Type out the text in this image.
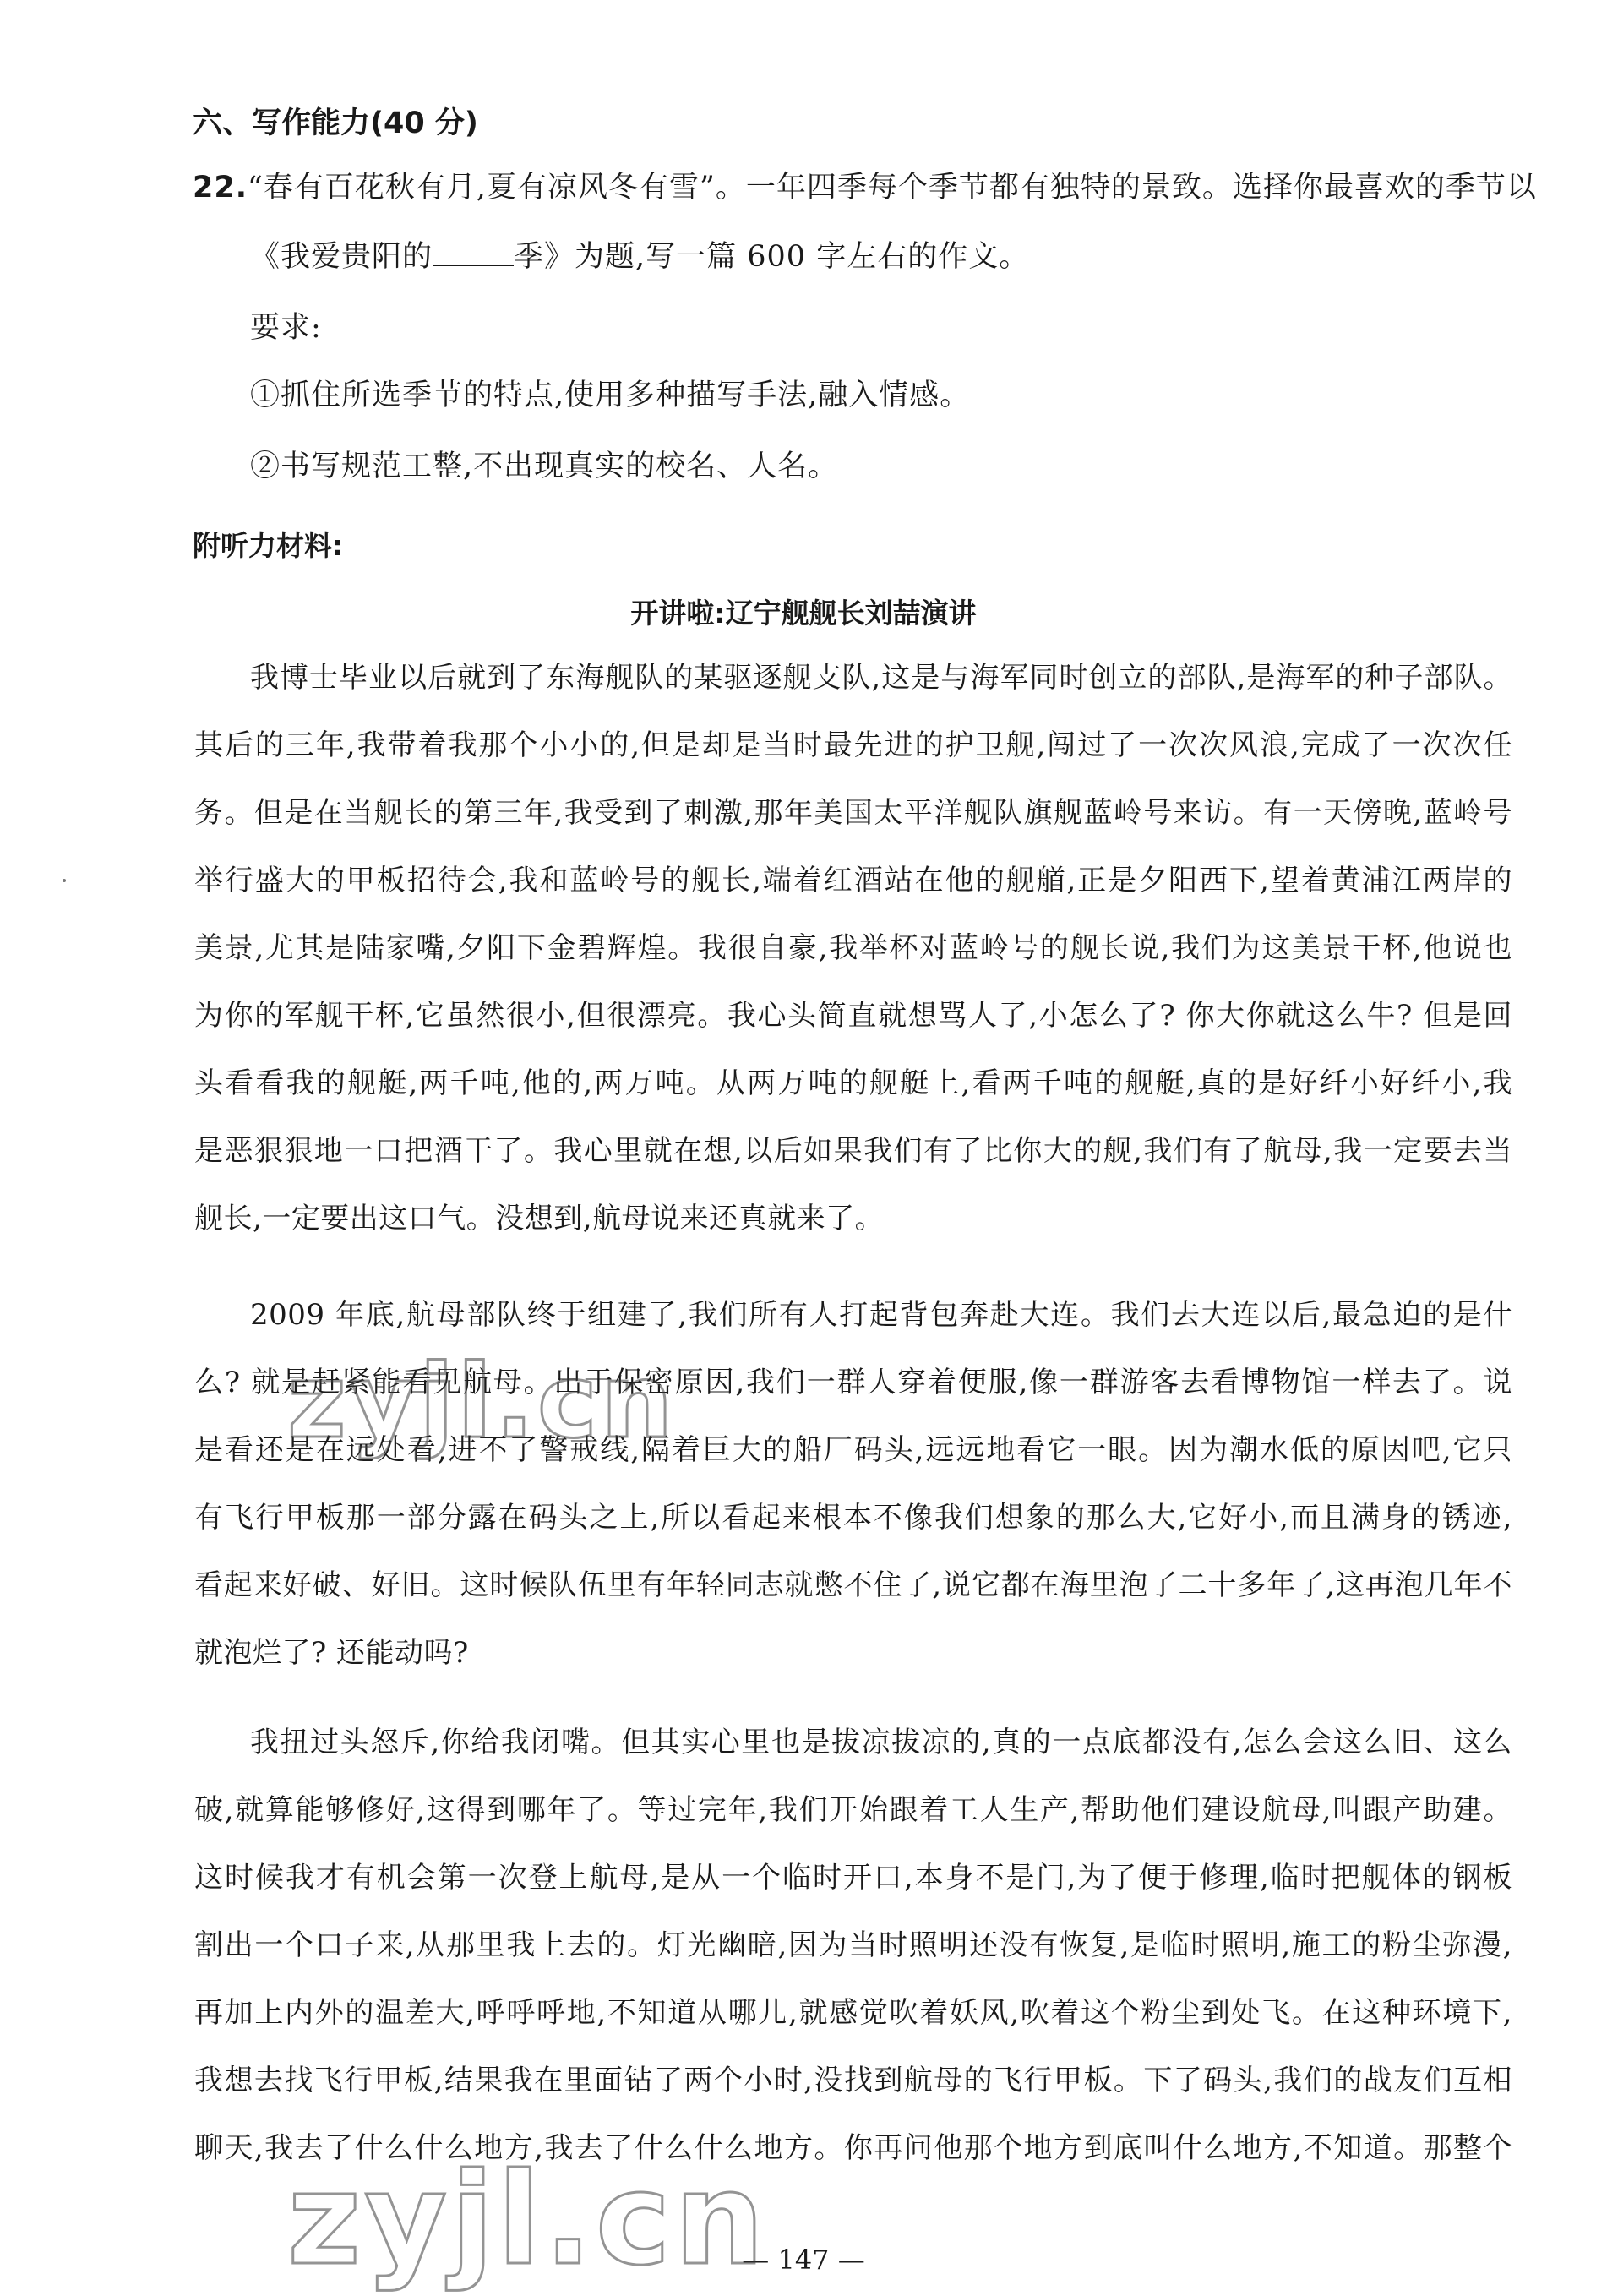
六、写作能力(40 分)
22.“春有百花秋有月,夏有凉风冬有雪”。一年四季每个季节都有独特的景致。选择你最喜欢的季节以
《我爱贵阳的	季》为题,写一篇 600 字左右的作文。
要求:
①抓住所选季节的特点,使用多种描写手法,融入情感。
②书写规范工整,不出现真实的校名、人名。
附听力材料:
开讲啦:辽宁舰舰长刘喆演讲
我博士毕业以后就到了东海舰队的某驱逐舰支队,这是与海军同时创立的部队,是海军的种子部队。
其后的三年,我带着我那个小小的,但是却是当时最先进的护卫舰,闯过了一次次风浪,完成了一次次任
务。但是在当舰长的第三年,我受到了刺激,那年美国太平洋舰队旗舰蓝岭号来访。有一天傍晚,蓝岭号
举行盛大的甲板招待会,我和蓝岭号的舰长,端着红酒站在他的舰艏,正是夕阳西下,望着黄浦江两岸的
美景,尤其是陆家嘴,夕阳下金碧辉煌。我很自豪,我举杯对蓝岭号的舰长说,我们为这美景干杯,他说也
为你的军舰干杯,它虽然很小,但很漂亮。我心头简直就想骂人了,小怎么了? 你大你就这么牛? 但是回
头看看我的舰艇,两千吨,他的,两万吨。从两万吨的舰艇上,看两千吨的舰艇,真的是好纤小好纤小,我
是恶狠狠地一口把酒干了。我心里就在想,以后如果我们有了比你大的舰,我们有了航母,我一定要去当
舰长,一定要出这口气。没想到,航母说来还真就来了。
2009 年底,航母部队终于组建了,我们所有人打起背包奔赴大连。我们去大连以后,最急迫的是什
么? 就是赶紧能看见航母。出于保密原因,我们一群人穿着便服,像一群游客去看博物馆一样去了。说
是看还是在远处看,进不了警戒线,隔着巨大的船厂码头,远远地看它一眼。因为潮水低的原因吧,它只
有飞行甲板那一部分露在码头之上,所以看起来根本不像我们想象的那么大,它好小,而且满身的锈迹,
看起来好破、好旧。这时候队伍里有年轻同志就憋不住了,说它都在海里泡了二十多年了,这再泡几年不
就泡烂了? 还能动吗?
我扭过头怒斥,你给我闭嘴。但其实心里也是拔凉拔凉的,真的一点底都没有,怎么会这么旧、这么
破,就算能够修好,这得到哪年了。等过完年,我们开始跟着工人生产,帮助他们建设航母,叫跟产助建。
这时候我才有机会第一次登上航母,是从一个临时开口,本身不是门,为了便于修理,临时把舰体的钢板
割出一个口子来,从那里我上去的。灯光幽暗,因为当时照明还没有恢复,是临时照明,施工的粉尘弥漫,
再加上内外的温差大,呼呼呼地,不知道从哪儿,就感觉吹着妖风,吹着这个粉尘到处飞。在这种环境下,
我想去找飞行甲板,结果我在里面钻了两个小时,没找到航母的飞行甲板。下了码头,我们的战友们互相
聊天,我去了什么什么地方,我去了什么什么地方。你再问他那个地方到底叫什么地方,不知道。那整个
— 147 —
zyjl.cn
zyjl.cn
